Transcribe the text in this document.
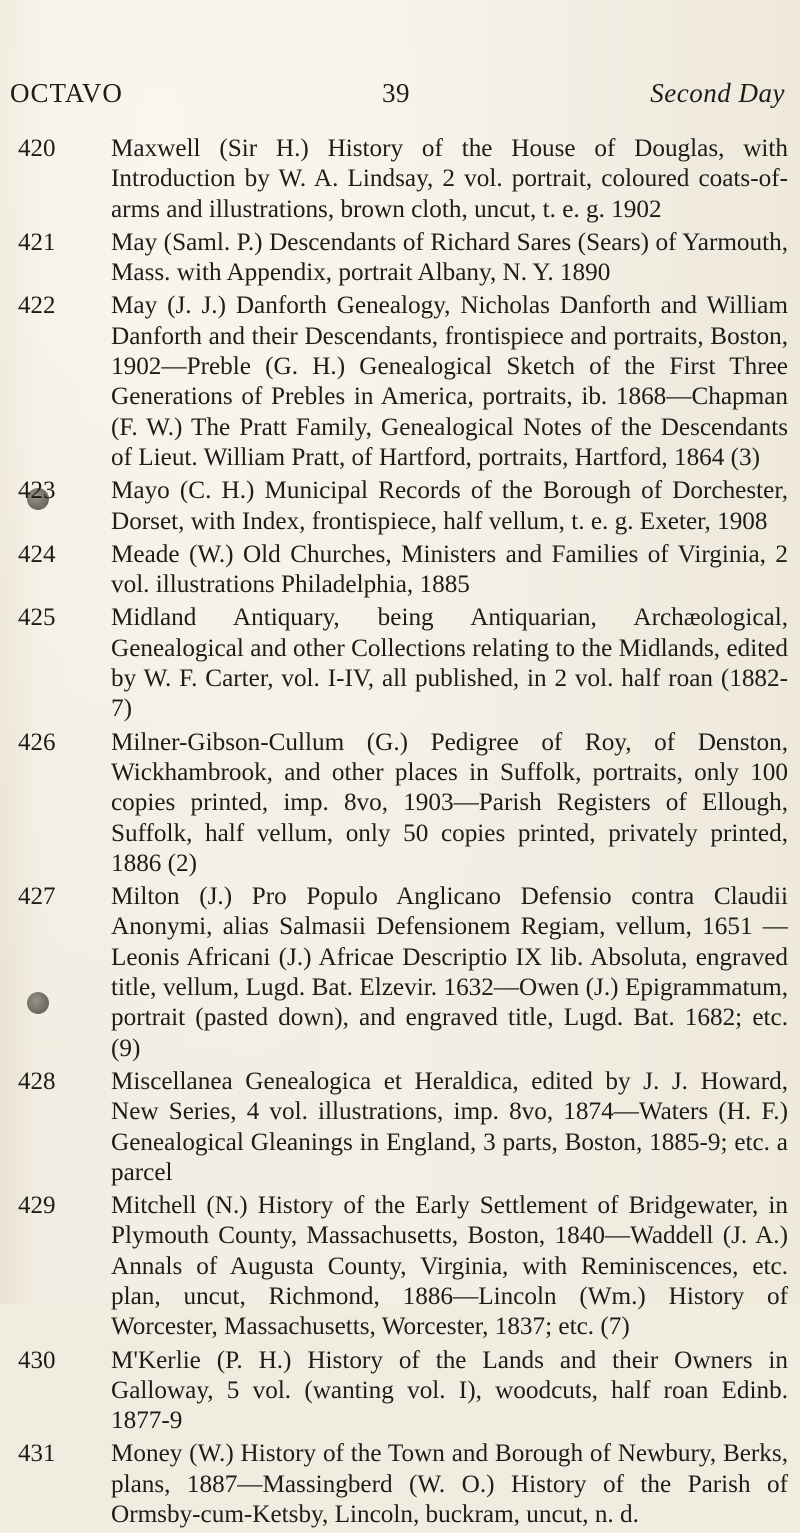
OCTAVO	39	Second Day
420 Maxwell (Sir H.) History of the House of Douglas, with Introduction by W. A. Lindsay, 2 vol. portrait, coloured coats-of-arms and illustrations, brown cloth, uncut, t. e. g. 1902
421 May (Saml. P.) Descendants of Richard Sares (Sears) of Yarmouth, Mass. with Appendix, portrait Albany, N. Y. 1890
422 May (J. J.) Danforth Genealogy, Nicholas Danforth and William Danforth and their Descendants, frontispiece and portraits, Boston, 1902—Preble (G. H.) Genealogical Sketch of the First Three Generations of Prebles in America, portraits, ib. 1868—Chapman (F. W.) The Pratt Family, Genealogical Notes of the Descendants of Lieut. William Pratt, of Hartford, portraits, Hartford, 1864 (3)
423 Mayo (C. H.) Municipal Records of the Borough of Dorchester, Dorset, with Index, frontispiece, half vellum, t. e. g. Exeter, 1908
424 Meade (W.) Old Churches, Ministers and Families of Virginia, 2 vol. illustrations Philadelphia, 1885
425 Midland Antiquary, being Antiquarian, Archæological, Genealogical and other Collections relating to the Midlands, edited by W. F. Carter, vol. I-IV, all published, in 2 vol. half roan (1882-7)
426 Milner-Gibson-Cullum (G.) Pedigree of Roy, of Denston, Wickhambrook, and other places in Suffolk, portraits, only 100 copies printed, imp. 8vo, 1903—Parish Registers of Ellough, Suffolk, half vellum, only 50 copies printed, privately printed, 1886 (2)
427 Milton (J.) Pro Populo Anglicano Defensio contra Claudii Anonymi, alias Salmasii Defensionem Regiam, vellum, 1651 —Leonis Africani (J.) Africae Descriptio IX lib. Absoluta, engraved title, vellum, Lugd. Bat. Elzevir. 1632—Owen (J.) Epigrammatum, portrait (pasted down), and engraved title, Lugd. Bat. 1682; etc. (9)
428 Miscellanea Genealogica et Heraldica, edited by J. J. Howard, New Series, 4 vol. illustrations, imp. 8vo, 1874—Waters (H. F.) Genealogical Gleanings in England, 3 parts, Boston, 1885-9; etc. a parcel
429 Mitchell (N.) History of the Early Settlement of Bridgewater, in Plymouth County, Massachusetts, Boston, 1840—Waddell (J. A.) Annals of Augusta County, Virginia, with Reminiscences, etc. plan, uncut, Richmond, 1886—Lincoln (Wm.) History of Worcester, Massachusetts, Worcester, 1837; etc. (7)
430 M'Kerlie (P. H.) History of the Lands and their Owners in Galloway, 5 vol. (wanting vol. I), woodcuts, half roan Edinb. 1877-9
431 Money (W.) History of the Town and Borough of Newbury, Berks, plans, 1887—Massingberd (W. O.) History of the Parish of Ormsby-cum-Ketsby, Lincoln, buckram, uncut, n. d.
